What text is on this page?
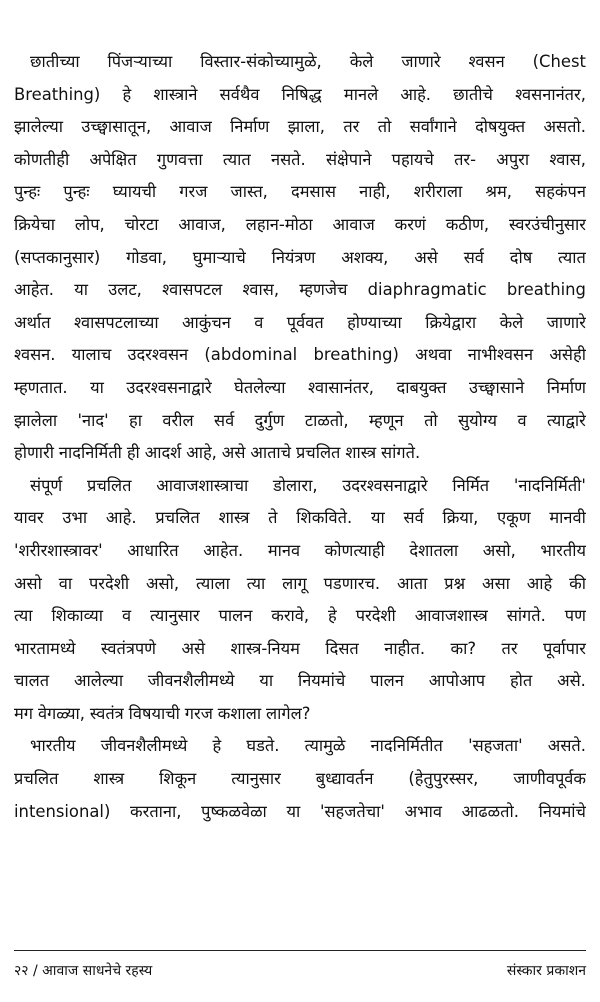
छातीच्या पिंजऱ्याच्या विस्तार-संकोच्यामुळे, केले जाणारे श्वसन (Chest
Breathing) हे शास्त्राने सर्वथैव निषिद्ध मानले आहे. छातीचे श्वसनानंतर,
झालेल्या उच्छ्वासातून, आवाज निर्माण झाला, तर तो सर्वांगाने दोषयुक्त असतो.
कोणतीही अपेक्षित गुणवत्ता त्यात नसते. संक्षेपाने पहायचे तर- अपुरा श्वास,
पुन्हः पुन्हः घ्यायची गरज जास्त, दमसास नाही, शरीराला श्रम, सहकंपन
क्रियेचा लोप, चोरटा आवाज, लहान-मोठा आवाज करणं कठीण, स्वरउंचीनुसार
(सप्तकानुसार) गोडवा, घुमाऱ्याचे नियंत्रण अशक्य, असे सर्व दोष त्यात
आहेत. या उलट, श्वासपटल श्वास, म्हणजेच diaphragmatic breathing
अर्थात श्वासपटलाच्या आकुंचन व पूर्ववत होण्याच्या क्रियेद्वारा केले जाणारे
श्वसन. यालाच उदरश्वसन (abdominal breathing) अथवा नाभीश्वसन असेही
म्हणतात. या उदरश्वसनाद्वारे घेतलेल्या श्वासानंतर, दाबयुक्त उच्छ्वासाने निर्माण
झालेला 'नाद' हा वरील सर्व दुर्गुण टाळतो, म्हणून तो सुयोग्य व त्याद्वारे
होणारी नादनिर्मिती ही आदर्श आहे, असे आताचे प्रचलित शास्त्र सांगते.
संपूर्ण प्रचलित आवाजशास्त्राचा डोलारा, उदरश्वसनाद्वारे निर्मित 'नादनिर्मिती'
यावर उभा आहे. प्रचलित शास्त्र ते शिकविते. या सर्व क्रिया, एकूण मानवी
'शरीरशास्त्रावर' आधारित आहेत. मानव कोणत्याही देशातला असो, भारतीय
असो वा परदेशी असो, त्याला त्या लागू पडणारच. आता प्रश्न असा आहे की
त्या शिकाव्या व त्यानुसार पालन करावे, हे परदेशी आवाजशास्त्र सांगते. पण
भारतामध्ये स्वतंत्रपणे असे शास्त्र-नियम दिसत नाहीत. का? तर पूर्वापार
चालत आलेल्या जीवनशैलीमध्ये या नियमांचे पालन आपोआप होत असे.
मग वेगळ्या, स्वतंत्र विषयाची गरज कशाला लागेल?
भारतीय जीवनशैलीमध्ये हे घडते. त्यामुळे नादनिर्मितीत 'सहजता' असते.
प्रचलित शास्त्र शिकून त्यानुसार बुध्द्यावर्तन (हेतुपुरस्सर, जाणीवपूर्वक
intensional) करताना, पुष्कळवेळा या 'सहजतेचा' अभाव आढळतो. नियमांचे
२२ / आवाज साधनेचे रहस्य	संस्कार प्रकाशन
